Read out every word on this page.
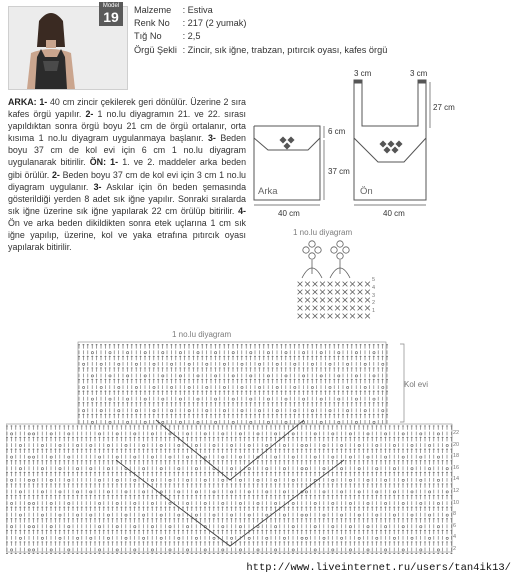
Model
19	Malzeme : Estiva
Renk No : 217 (2 yumak)
Tığ No : 2,5
Örgü Şekli : Zincir, sık iğne, trabzan, pıtırcık oyası, kafes örgü
ARKA: 1- 40 cm zincir çekilerek geri dönülür. Üzerine 2 sıra kafes örgü yapılır. 2- 1 no.lu diyagramın 21. ve 22. sırası yapıldıktan sonra örgü boyu 21 cm de örgü ortalanır, orta kısıma 1 no.lu diyagram uygulanmaya başlanır. 3- Beden boyu 37 cm de kol evi için 6 cm 1 no.lu diyagram uygulanarak bitirilir. ÖN: 1- 1. ve 2. maddeler arka beden gibi örülür. 2- Beden boyu 37 cm de kol evi için 3 cm 1 no.lu diyagram uygulanır. 3- Askılar için ön beden şemasında gösterildiği yerden 8 adet sık iğne yapılır. Sonraki sıralarda sık iğne üzerine sık iğne yapılarak 22 cm örülüp bitirilir. 4- Ön ve arka beden dikildikten sonra etek uçlarına 1 cm sık iğne yapılıp, üzerine, kol ve yaka etrafına pıtırcık oyası yapılarak bitirilir.
6 cm
37 cm
40 cm
Arka
3 cm	3 cm
27 cm
40 cm
Ön
1 no.lu diyagram
5
4
3
2
1
1 no.lu diyagram
Kol evi
22
20
18
16
14
12
10
8
6
4
2
http://www.liveinternet.ru/users/tan4ik13/
